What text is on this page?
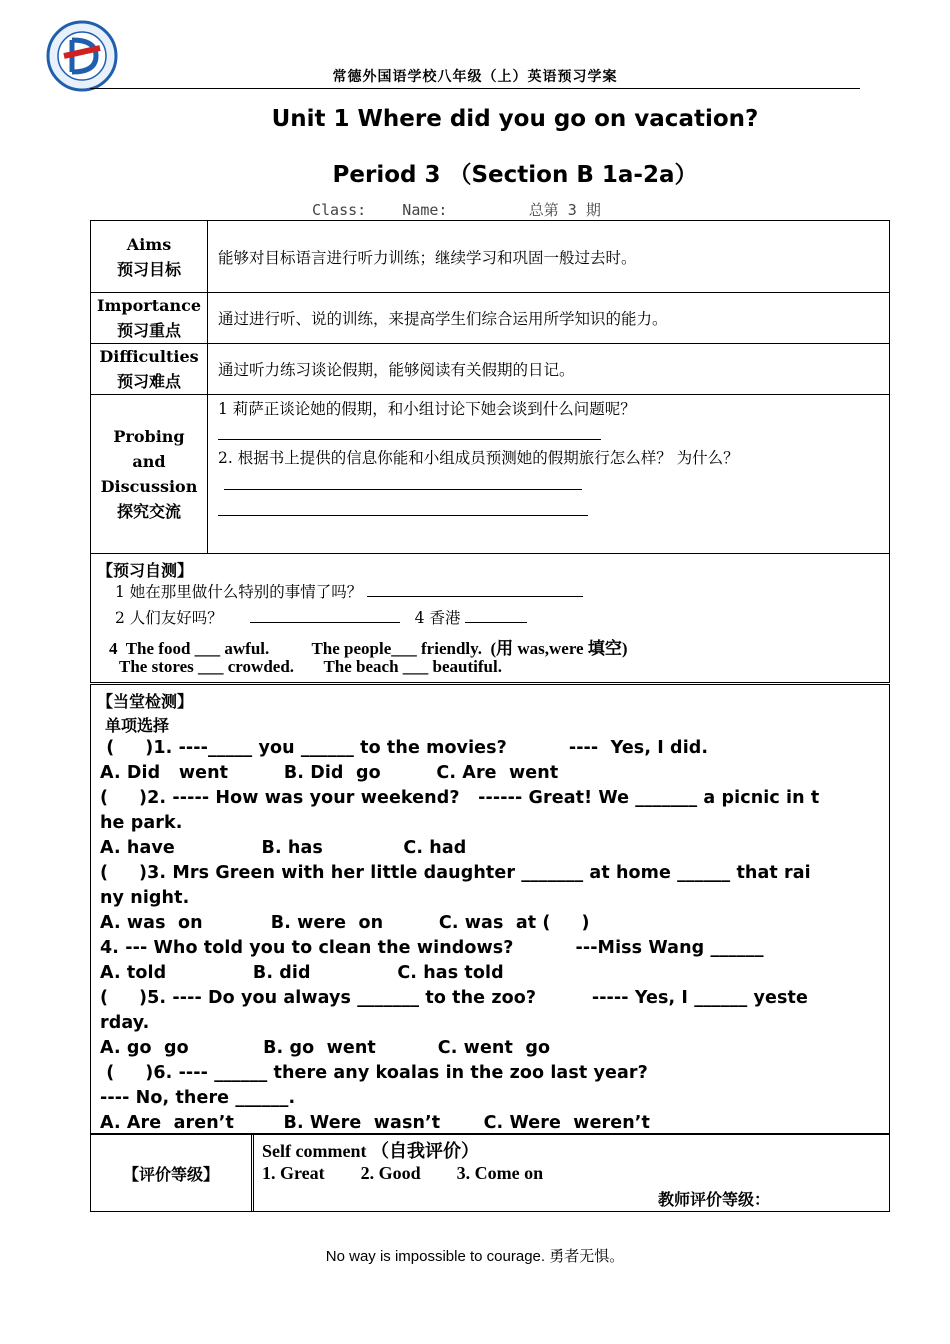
常德外国语学校八年级（上）英语预习学案
Unit 1 Where did you go on vacation?
Period 3 （Section B 1a-2a）
Class:    Name:         总第 3 期
Aims
预习目标
能够对目标语言进行听力训练；继续学习和巩固一般过去时。
Importance
预习重点
通过进行听、说的训练，来提高学生们综合运用所学知识的能力。
Difficulties
预习难点
通过听力练习谈论假期，能够阅读有关假期的日记。
Probing
and
Discussion
探究交流
1 莉萨正谈论她的假期，和小组讨论下她会谈到什么问题呢？
2. 根据书上提供的信息你能和小组成员预测她的假期旅行怎么样？ 为什么？
【预习自测】
1 她在那里做什么特别的事情了吗？
2 人们友好吗？	4 香港
4  The food ___ awful.          The people___ friendly.  (用 was,were 填空)
The stores ___ crowded.       The beach ___ beautiful.
【当堂检测】
单项选择
(     )1. ----_____ you ______ to the movies?          ----  Yes, I did.
A. Did   went         B. Did  go         C. Are  went
(     )2. ----- How was your weekend?   ------ Great! We _______ a picnic in t
he park.
A. have              B. has             C. had
(     )3. Mrs Green with her little daughter _______ at home ______ that rai
ny night.
A. was  on           B. were  on         C. was  at (     )
4. --- Who told you to clean the windows?          ---Miss Wang ______
A. told              B. did              C. has told
(     )5. ---- Do you always _______ to the zoo?         ----- Yes, I ______ yeste
rday.
A. go  go            B. go  went          C. went  go
(     )6. ---- ______ there any koalas in the zoo last year?
---- No, there ______.
A. Are  aren’t        B. Were  wasn’t       C. Were  weren’t
【评价等级】
Self comment （自我评价）
1. Great        2. Good        3. Come on
教师评价等级：
No way is impossible to courage. 勇者无惧。
